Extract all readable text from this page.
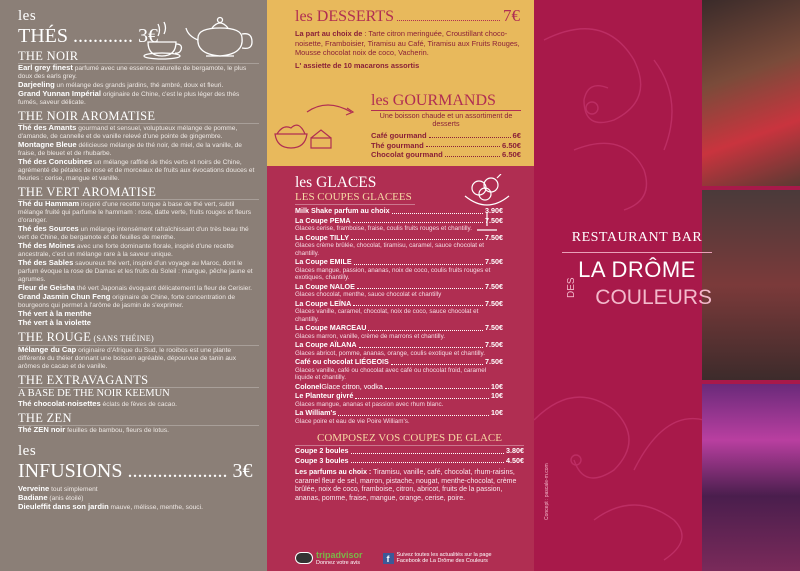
les
THÉS ............ 3€
THE NOIR

Earl grey finest parfumé avec une essence naturelle de bergamote, le plus doux des earls grey.

Darjeeling un mélange des grands jardins, thé ambré, doux et fleuri.

Grand Yunnan Impérial originaire de Chine, c'est le plus léger des thés fumés, saveur délicate.

THE NOIR AROMATISE

Thé des Amants gourmand et sensuel, voluptueux mélange de pomme, d'amande, de cannelle et de vanille relevé d'une pointe de gingembre.

Montagne Bleue délicieuse mélange de thé noir, de miel, de la vanille, de fraise, de bleuet et de rhubarbe.

Thé des Concubines un mélange raffiné de thés verts et noirs de Chine, agrémenté de pétales de rose et de morceaux de fruits aux évocations douces et fleuries : cerise, mangue et vanille.

THE VERT AROMATISE

Thé du Hammam inspiré d'une recette turque à base de thé vert, subtil mélange fruité qui parfume le hammam : rose, datte verte, fruits rouges et fleurs d'oranger.

Thé des Sources un mélange intensément rafraîchissant d'un très beau thé vert de Chine, de bergamote et de feuilles de menthe.

Thé des Moines avec une forte dominante florale, inspiré d'une recette ancestrale, c'est un mélange rare à la saveur unique.

Thé des Sables savoureux thé vert, inspiré d'un voyage au Maroc, dont le parfum évoque la rose de Damas et les fruits du Soleil : mangue, pêche jaune et agrumes.

Fleur de Geisha thé vert Japonais évoquant délicatement la fleur de Cerisier.

Grand Jasmin Chun Feng originaire de Chine, forte concentration de bourgeons qui permet à l'arôme de jasmin de s'exprimer.

Thé vert à la menthe

Thé vert à la violette

THE ROUGE (SANS THÉINE)

Mélange du Cap originaire d'Afrique du Sud, le rooibos est une plante différente du théier donnant une boisson agréable, dépourvue de tanin aux arômes de cacao et de vanille.

THE EXTRAVAGANTS
A BASE DE THE NOIR KEEMUN

Thé chocolat-noisettes éclats de fèves de cacao.

THE ZEN

Thé ZEN noir feuilles de bambou, fleurs de lotus.

les
INFUSIONS .................... 3€

Verveine tout simplement

Badiane (anis étoilé)

Dieuleffit dans son jardin mauve, mélisse, menthe, souci.

les DESSERTS	7€

La part au choix de : Tarte citron meringuée, Croustillant choco-noisette, Framboisier, Tiramisu au Café, Tiramisu aux Fruits Rouges, Mousse chocolat noix de coco, Vacherin.

L' assiette de 10 macarons assortis

les GOURMANDS
Une boisson chaude et un assortiment de desserts
Café gourmand	6€
Thé gourmand	6.50€
Chocolat gourmand	6.50€
les GLACES
LES COUPES GLACEES
Milk Shake parfum au choix	3.90€
La Coupe PEMA	7.50€
Glaces cerise, framboise, fraise, coulis fruits rouges et chantilly.
La Coupe TILLY	7.50€
Glaces crème brûlée, chocolat, tiramisu, caramel, sauce chocolat et chantilly.
La Coupe EMILE	7.50€
Glaces mangue, passion, ananas, noix de coco, coulis fruits rouges et exotiques, chantilly.
La Coupe NALOE	7.50€
Glaces chocolat, menthe, sauce chocolat et chantilly
La Coupe LEÏNA	7.50€
Glaces vanille, caramel, chocolat, noix de coco, sauce chocolat et chantilly.
La Coupe MARCEAU	7.50€
Glaces marron, vanille, crème de marrons et chantilly.
La Coupe AÏLANA	7.50€
Glaces abricot, pomme, ananas, orange, coulis exotique et chantilly.
Café ou chocolat LIÉGEOIS	7.50€
Glaces vanille, café ou chocolat avec café ou chocolat froid, caramel liquide et chantilly.
Colonel Glace citron, vodka	10€
Le Planteur givré	10€
Glaces mangue, ananas et passion avec rhum blanc.
La William's	10€
Glace poire et eau de vie Poire William's.
COMPOSEZ VOS COUPES DE GLACE
Coupe 2 boules	3.80€
Coupe 3 boules	4.50€
Les parfums au choix : Tiramisu, vanille, café, chocolat, rhum-raisins, caramel fleur de sel, marron, pistache, nougat, menthe-chocolat, crème brûlée, noix de coco, framboise, citron, abricot, fruits de la passion, ananas, pomme, fraise, mangue, orange, cerise, poire.
tripadvisor
Donnez votre avis	f	Suivez toutes les actualités sur la page
Facebook de La Drôme des Couleurs
RESTAURANT BAR
LA DRÔME
DES COULEURS
Concept : pascale-m.com
